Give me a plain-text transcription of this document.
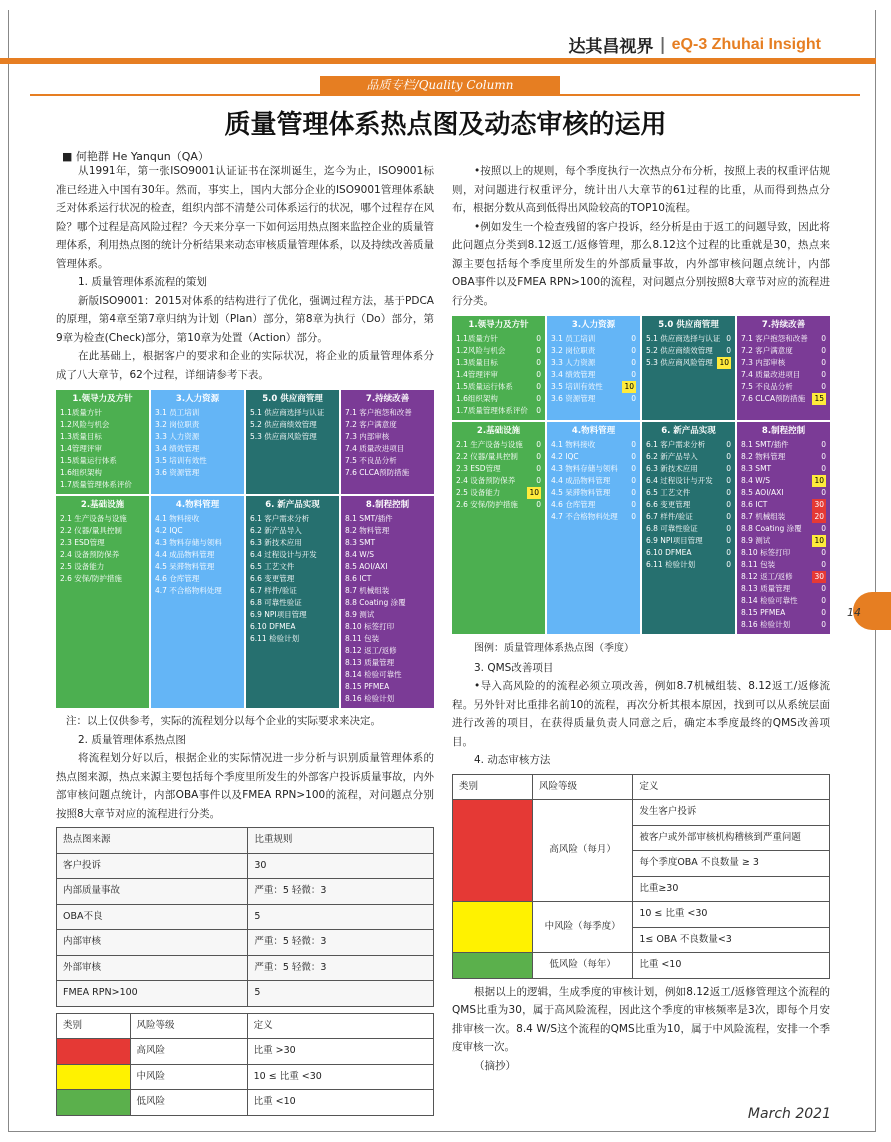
达其昌视界 | eQ-3 Zhuhai Insight
品质专栏/Quality Column
质量管理体系热点图及动态审核的运用
■ 何艳群 He Yanqun（QA）

从1991年，第一张ISO9001认证证书在深圳诞生，迄今为止，ISO9001标准已经进入中国有30年。然而，事实上，国内大部分企业的ISO9001管理体系缺乏对体系运行状况的检查，组织内部不清楚公司体系运行的状况，哪个过程存在风险？哪个过程是高风险过程？今天来分享一下如何运用热点图来监控企业的质量管理体系，利用热点图的统计分析结果来动态审核质量管理体系，以及持续改善质量管理体系。

1. 质量管理体系流程的策划

新版ISO9001：2015对体系的结构进行了优化，强调过程方法，基于PDCA的原理，第4章至第7章归纳为计划（Plan）部分，第8章为执行（Do）部分，第9章为检查(Check)部分，第10章为处置（Action）部分。

在此基础上，根据客户的要求和企业的实际状况，将企业的质量管理体系分成了八大章节，62个过程，详细请参考下表。

1.领导力及方针
1.1质量方针
1.2风险与机会
1.3质量目标
1.4管理评审
1.5质量运行体系
1.6组织架构
1.7质量管理体系评价
3.人力资源
3.1 员工培训
3.2 岗位职责
3.3 人力资源
3.4 绩效管理
3.5 培训有效性
3.6 资源管理
5.0 供应商管理
5.1 供应商选择与认证
5.2 供应商绩效管理
5.3 供应商风险管理
7.持续改善
7.1 客户抱怨和改善
7.2 客户满意度
7.3 内部审核
7.4 质量改进项目
7.5 不良品分析
7.6 CLCA预防措施
2.基础设施
2.1 生产设备与设施
2.2 仪器/量具控制
2.3 ESD管理
2.4 设备预防保养
2.5 设备能力
2.6 安保/防护措施
4.物料管理
4.1 物料接收
4.2 IQC
4.3 物料存储与领料
4.4 成品物料管理
4.5 呆滞物料管理
4.6 仓库管理
4.7 不合格物料处理
6. 新产品实现
6.1 客户需求分析
6.2 新产品导入
6.3 新技术应用
6.4 过程设计与开发
6.5 工艺文件
6.6 变更管理
6.7 样件/验证
6.8 可靠性验证
6.9 NPI项目管理
6.10 DFMEA
6.11 检验计划
8.制程控制
8.1 SMT/插件
8.2 物料管理
8.3 SMT
8.4 W/S
8.5 AOI/AXI
8.6 ICT
8.7 机械组装
8.8 Coating 涂覆
8.9 测试
8.10 标签打印
8.11 包装
8.12 返工/返修
8.13 质量管理
8.14 检验可靠性
8.15 PFMEA
8.16 检验计划

注：以上仅供参考，实际的流程划分以每个企业的实际要求来决定。

2. 质量管理体系热点图

将流程划分好以后，根据企业的实际情况进一步分析与识别质量管理体系的热点图来源，热点来源主要包括每个季度里所发生的外部客户投诉质量事故，内外部审核问题点统计，内部OBA事件以及FMEA RPN>100的流程，对问题点分别按照8大章节对应的流程进行分类。

热点图来源	比重规则
客户投诉	30
内部质量事故	严重：5 轻微：3
OBA不良	5
内部审核	严重：5 轻微：3
外部审核	严重：5 轻微：3
FMEA RPN>100	5
类别	风险等级	定义
	高风险	比重 >30
	中风险	10 ≤ 比重 <30
	低风险	比重 <10

•按照以上的规则，每个季度执行一次热点分布分析，按照上表的权重评估规则，对问题进行权重评分，统计出八大章节的61过程的比重，从而得到热点分布，根据分数从高到低得出风险较高的TOP10流程。

•例如发生一个检查残留的客户投诉，经分析是由于返工的问题导致，因此将此问题点分类到8.12返工/返修管理，那么8.12这个过程的比重就是30，热点来源主要包括每个季度里所发生的外部质量事故，内外部审核问题点统计，内部OBA事件以及FMEA RPN>100的流程，对问题点分别按照8大章节对应的流程进行分类。

1.领导力及方针
1.1质量方针	0
1.2风险与机会	0
1.3质量目标	0
1.4管理评审	0
1.5质量运行体系	0
1.6组织架构	0
1.7质量管理体系评价 0
3.人力资源
3.1 员工培训	0
3.2 岗位职责	0
3.3 人力资源	0
3.4 绩效管理	0
3.5 培训有效性	10
3.6 资源管理	0
5.0 供应商管理
5.1 供应商选择与认证 0
5.2 供应商绩效管理 0
5.3 供应商风险管理 10
7.持续改善
7.1 客户抱怨和改善 0
7.2 客户满意度	0
7.3 内部审核	0
7.4 质量改进项目	0
7.5 不良品分析	0
7.6 CLCA预防措施 15
2.基础设施
2.1 生产设备与设施 0
2.2 仪器/量具控制 0
2.3 ESD管理	0
2.4 设备预防保养	0
2.5 设备能力	10
2.6 安保/防护措施 0
4.物料管理
4.1 物料接收	0
4.2 IQC	0
4.3 物料存储与领料 0
4.4 成品物料管理	0
4.5 呆滞物料管理	0
4.6 仓库管理	0
4.7 不合格物料处理 0
6. 新产品实现
6.1 客户需求分析	0
6.2 新产品导入	0
6.3 新技术应用	0
6.4 过程设计与开发 0
6.5 工艺文件	0
6.6 变更管理	0
6.7 样件/验证	0
6.8 可靠性验证	0
6.9 NPI项目管理	0
6.10 DFMEA	0
6.11 检验计划	0
8.制程控制
8.1 SMT/插件	0
8.2 物料管理	0
8.3 SMT	0
8.4 W/S	10
8.5 AOI/AXI	0
8.6 ICT	30
8.7 机械组装	20
8.8 Coating 涂覆	0
8.9 测试	10
8.10 标签打印	0
8.11 包装	0
8.12 返工/返修	30
8.13 质量管理	0
8.14 检验可靠性	0
8.15 PFMEA	0
8.16 检验计划	0

图例：质量管理体系热点图（季度）

3. QMS改善项目

•导入高风险的的流程必须立项改善，例如8.7机械组装、8.12返工/返修流程。另外针对比重排名前10的流程，再次分析其根本原因，找到可以从系统层面进行改善的项目，在获得质量负责人同意之后，确定本季度最终的QMS改善项目。

4. 动态审核方法

类别	风险等级	定义
	高风险（每月）	发生客户投诉
		被客户或外部审核机构稽核到严重问题
		每个季度OBA 不良数量 ≥ 3
		比重≥30
	中风险（每季度）	10 ≤ 比重 <30
		1≤ OBA 不良数量<3
	低风险（每年）	比重 <10

根据以上的逻辑，生成季度的审核计划，例如8.12返工/返修管理这个流程的QMS比重为30，属于高风险流程，因此这个季度的审核频率是3次，即每个月安排审核一次。8.4 W/S这个流程的QMS比重为10，属于中风险流程，安排一个季度审核一次。

（摘抄）

14
March 2021
